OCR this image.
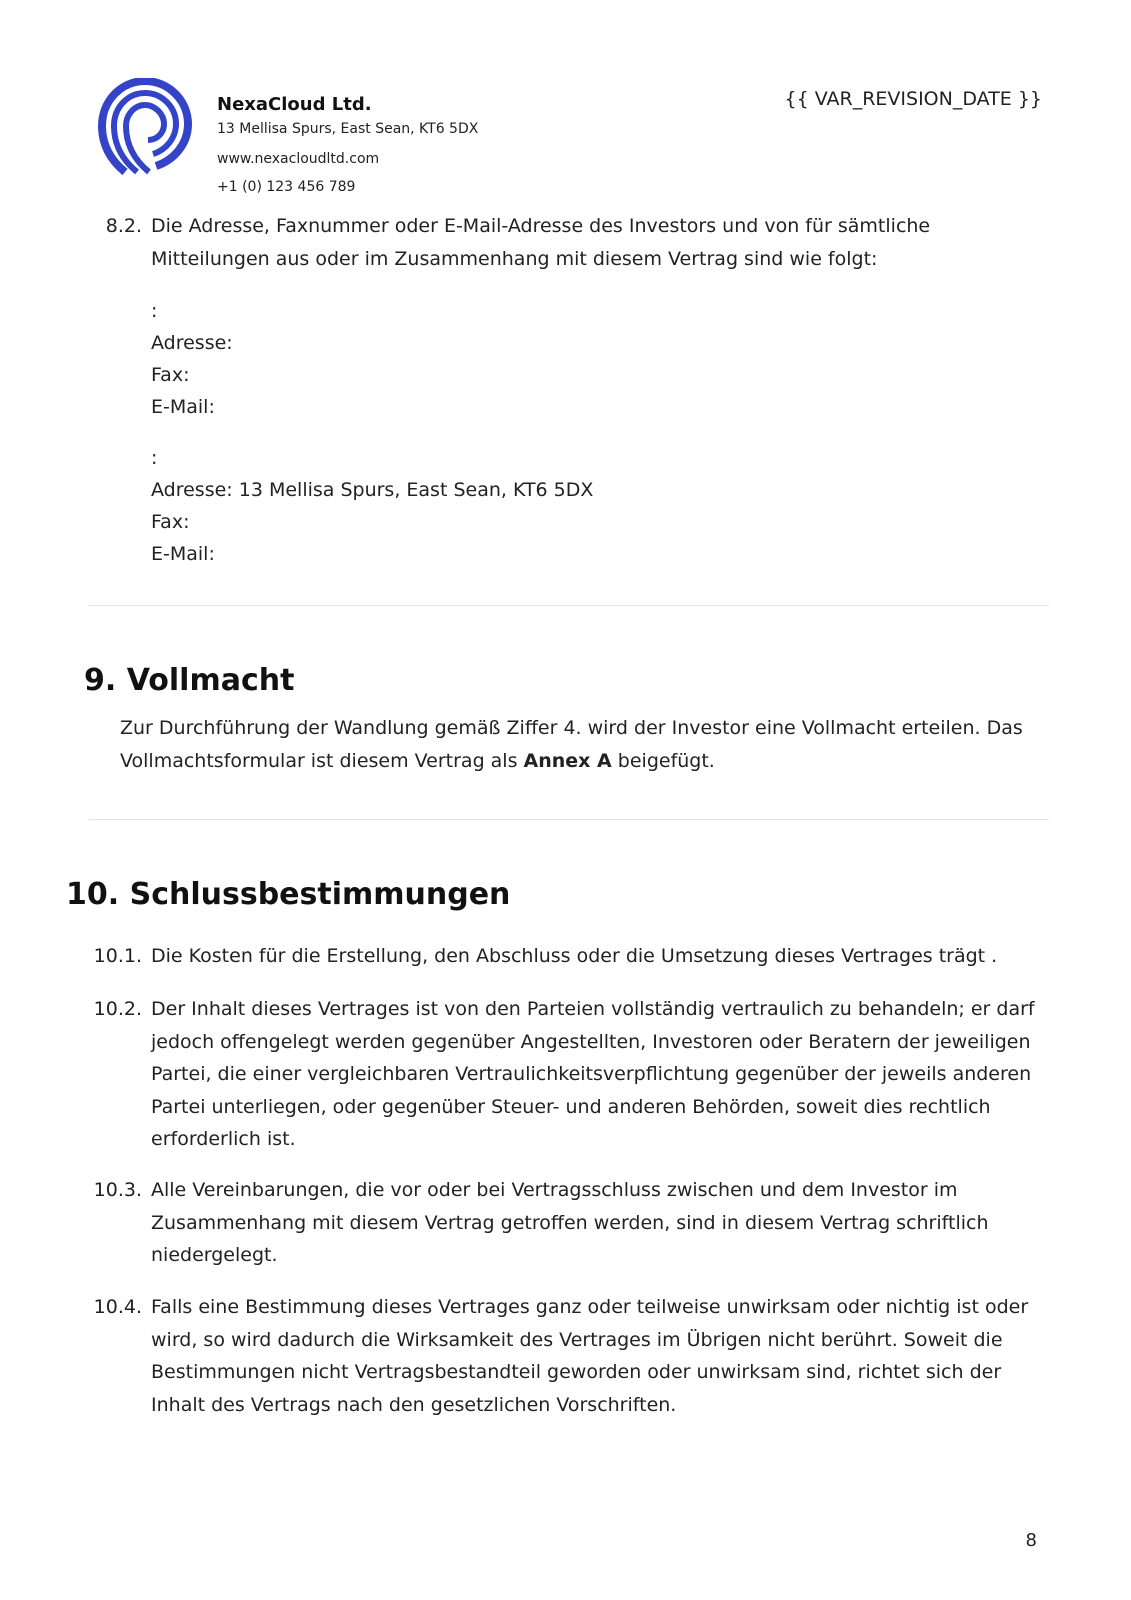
NexaCloud Ltd.
13 Mellisa Spurs, East Sean, KT6 5DX
www.nexacloudltd.com
+1 (0) 123 456 789
{{ VAR_REVISION_DATE }}
8.2. Die Adresse, Faxnummer oder E-Mail-Adresse des Investors und von für sämtliche Mitteilungen aus oder im Zusammenhang mit diesem Vertrag sind wie folgt:
:
Adresse:
Fax:
E-Mail:
:
Adresse: 13 Mellisa Spurs, East Sean, KT6 5DX
Fax:
E-Mail:
9. Vollmacht
Zur Durchführung der Wandlung gemäß Ziffer 4. wird der Investor eine Vollmacht erteilen. Das Vollmachtsformular ist diesem Vertrag als Annex A beigefügt.
10. Schlussbestimmungen
10.1. Die Kosten für die Erstellung, den Abschluss oder die Umsetzung dieses Vertrages trägt .
10.2. Der Inhalt dieses Vertrages ist von den Parteien vollständig vertraulich zu behandeln; er darf jedoch offengelegt werden gegenüber Angestellten, Investoren oder Beratern der jeweiligen Partei, die einer vergleichbaren Vertraulichkeitsverpflichtung gegenüber der jeweils anderen Partei unterliegen, oder gegenüber Steuer- und anderen Behörden, soweit dies rechtlich erforderlich ist.
10.3. Alle Vereinbarungen, die vor oder bei Vertragsschluss zwischen und dem Investor im Zusammenhang mit diesem Vertrag getroffen werden, sind in diesem Vertrag schriftlich niedergelegt.
10.4. Falls eine Bestimmung dieses Vertrages ganz oder teilweise unwirksam oder nichtig ist oder wird, so wird dadurch die Wirksamkeit des Vertrages im Übrigen nicht berührt. Soweit die Bestimmungen nicht Vertragsbestandteil geworden oder unwirksam sind, richtet sich der Inhalt des Vertrags nach den gesetzlichen Vorschriften.
8
